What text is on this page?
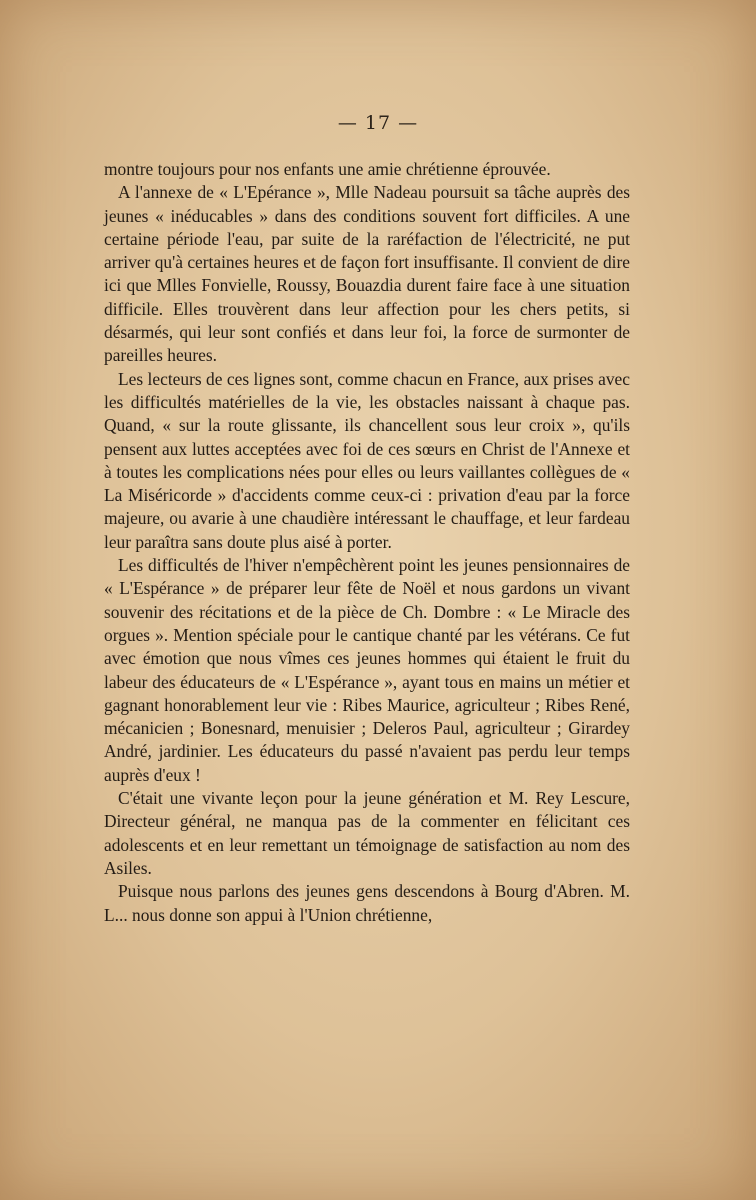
— 17 —

montre toujours pour nos enfants une amie chrétienne éprouvée.

A l'annexe de « L'Epérance », Mlle Nadeau poursuit sa tâche auprès des jeunes « inéducables » dans des conditions souvent fort difficiles. A une certaine période l'eau, par suite de la raréfaction de l'électricité, ne put arriver qu'à certaines heures et de façon fort insuffisante. Il convient de dire ici que Mlles Fonvielle, Roussy, Bouazdia durent faire face à une situation difficile. Elles trouvèrent dans leur affection pour les chers petits, si désarmés, qui leur sont confiés et dans leur foi, la force de surmonter de pareilles heures.

Les lecteurs de ces lignes sont, comme chacun en France, aux prises avec les difficultés matérielles de la vie, les obstacles naissant à chaque pas. Quand, « sur la route glissante, ils chancellent sous leur croix », qu'ils pensent aux luttes acceptées avec foi de ces sœurs en Christ de l'Annexe et à toutes les complications nées pour elles ou leurs vaillantes collègues de « La Miséricorde » d'accidents comme ceux-ci : privation d'eau par la force majeure, ou avarie à une chaudière intéressant le chauffage, et leur fardeau leur paraîtra sans doute plus aisé à porter.

Les difficultés de l'hiver n'empêchèrent point les jeunes pensionnaires de « L'Espérance » de préparer leur fête de Noël et nous gardons un vivant souvenir des récitations et de la pièce de Ch. Dombre : « Le Miracle des orgues ». Mention spéciale pour le cantique chanté par les vétérans. Ce fut avec émotion que nous vîmes ces jeunes hommes qui étaient le fruit du labeur des éducateurs de « L'Espérance », ayant tous en mains un métier et gagnant honorablement leur vie : Ribes Maurice, agriculteur ; Ribes René, mécanicien ; Bonesnard, menuisier ; Deleros Paul, agriculteur ; Girardey André, jardinier. Les éducateurs du passé n'avaient pas perdu leur temps auprès d'eux !

C'était une vivante leçon pour la jeune génération et M. Rey Lescure, Directeur général, ne manqua pas de la commenter en félicitant ces adolescents et en leur remettant un témoignage de satisfaction au nom des Asiles.

Puisque nous parlons des jeunes gens descendons à Bourg d'Abren. M. L... nous donne son appui à l'Union chrétienne,
